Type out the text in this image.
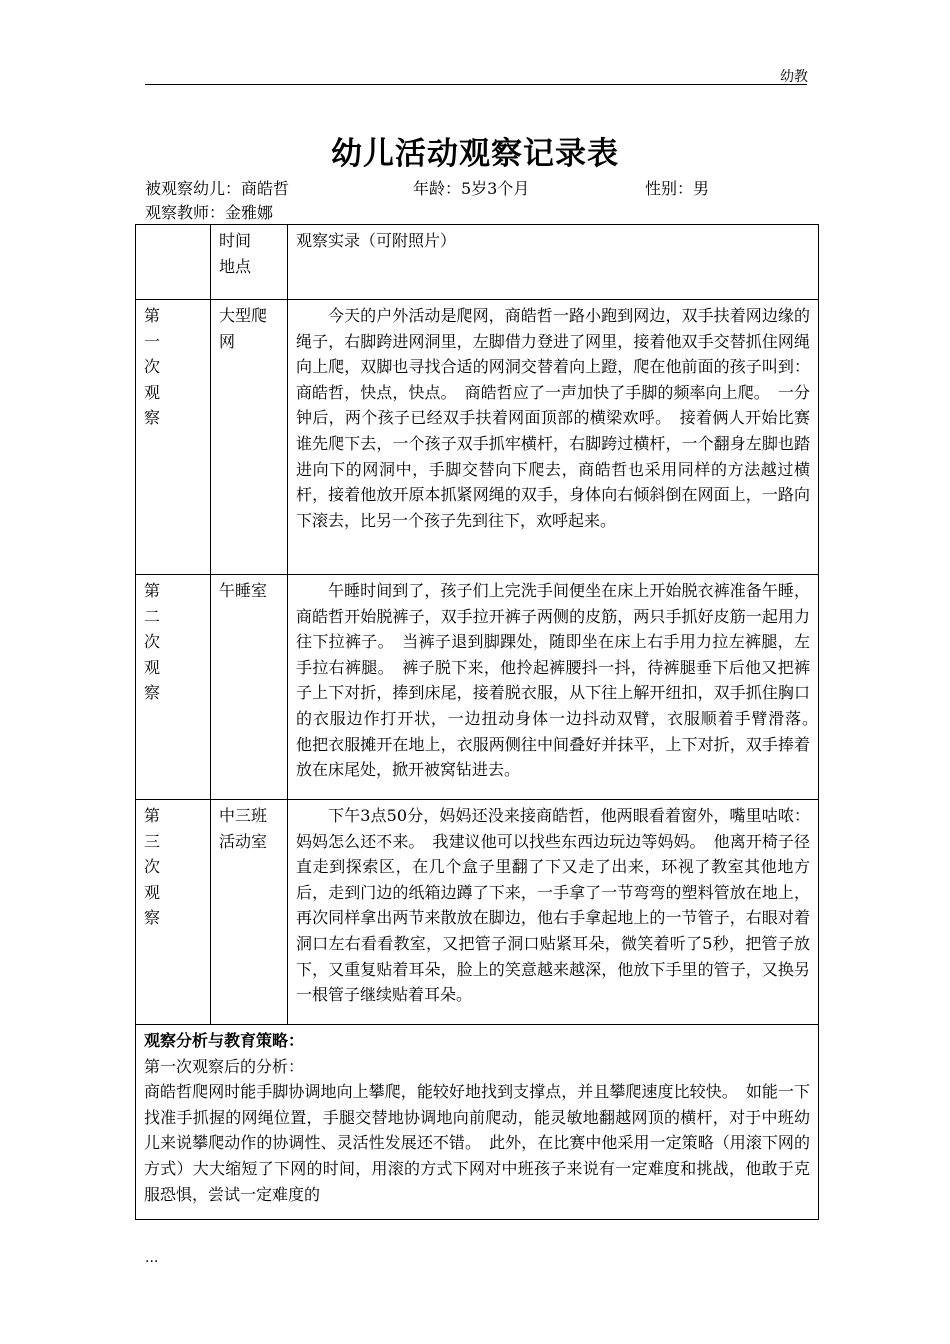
幼教
幼儿活动观察记录表
被观察幼儿：商皓哲	年龄：5岁3个月	性别：男
观察教师：金雅娜

	时间地点	观察实录（可附照片）

第一次观察	大型爬网	今天的户外活动是爬网，商皓哲一路小跑到网边，双手扶着网边缘的绳子，右脚跨进网洞里，左脚借力登进了网里，接着他双手交替抓住网绳向上爬，双脚也寻找合适的网洞交替着向上蹬，爬在他前面的孩子叫到：商皓哲，快点，快点。　商皓哲应了一声加快了手脚的频率向上爬。　一分钟后，两个孩子已经双手扶着网面顶部的横梁欢呼。　接着俩人开始比赛谁先爬下去，一个孩子双手抓牢横杆，右脚跨过横杆，一个翻身左脚也踏进向下的网洞中，手脚交替向下爬去，商皓哲也采用同样的方法越过横杆，接着他放开原本抓紧网绳的双手，身体向右倾斜倒在网面上，一路向下滚去，比另一个孩子先到往下，欢呼起来。

第二次观察	午睡室	午睡时间到了，孩子们上完洗手间便坐在床上开始脱衣裤准备午睡，商皓哲开始脱裤子，双手拉开裤子两侧的皮筋，两只手抓好皮筋一起用力往下拉裤子。　当裤子退到脚踝处，随即坐在床上右手用力拉左裤腿，左手拉右裤腿。　裤子脱下来，他拎起裤腰抖一抖，待裤腿垂下后他又把裤子上下对折，捧到床尾，接着脱衣服，从下往上解开纽扣，双手抓住胸口的衣服边作打开状，一边扭动身体一边抖动双臂，衣服顺着手臂滑落。　他把衣服摊开在地上，衣服两侧往中间叠好并抹平，上下对折，双手捧着放在床尾处，掀开被窝钻进去。

第三次观察	中三班活动室	下午3点50分，妈妈还没来接商皓哲，他两眼看着窗外，嘴里咕哝：妈妈怎么还不来。　我建议他可以找些东西边玩边等妈妈。　他离开椅子径直走到探索区，在几个盒子里翻了下又走了出来，环视了教室其他地方后，走到门边的纸箱边蹲了下来，一手拿了一节弯弯的塑料管放在地上，再次同样拿出两节来散放在脚边，他右手拿起地上的一节管子，右眼对着洞口左右看看教室，又把管子洞口贴紧耳朵，微笑着听了5秒，把管子放下，又重复贴着耳朵，脸上的笑意越来越深，他放下手里的管子，又换另一根管子继续贴着耳朵。

观察分析与教育策略：

第一次观察后的分析：

商皓哲爬网时能手脚协调地向上攀爬，能较好地找到支撑点，并且攀爬速度比较快。　如能一下找准手抓握的网绳位置，手腿交替地协调地向前爬动，能灵敏地翻越网顶的横杆，对于中班幼儿来说攀爬动作的协调性、灵活性发展还不错。　此外，在比赛中他采用一定策略（用滚下网的方式）大大缩短了下网的时间，用滚的方式下网对中班孩子来说有一定难度和挑战，他敢于克服恐惧，尝试一定难度的		

...
